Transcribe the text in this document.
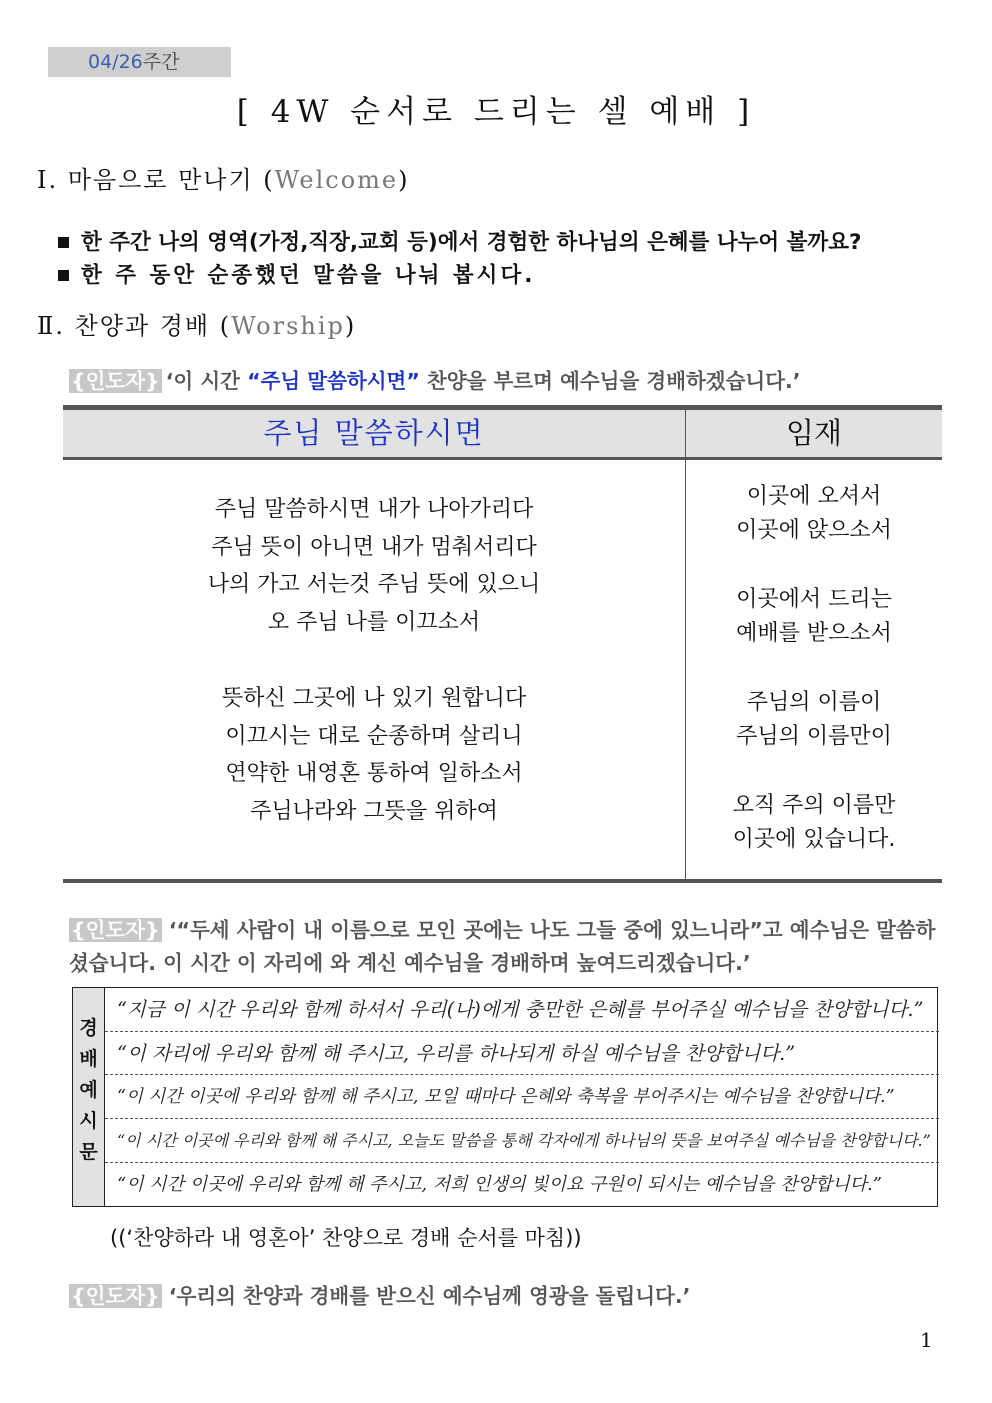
04/26주간
[ 4W 순서로 드리는 셀 예배 ]
Ⅰ. 마음으로 만나기 (Welcome)
한 주간 나의 영역(가정,직장,교회 등)에서 경험한 하나님의 은혜를 나누어 볼까요?
한 주 동안 순종했던 말씀을 나눠 봅시다.
Ⅱ. 찬양과 경배 (Worship)
{인도자} ‘이 시간 “주님 말씀하시면” 찬양을 부르며 예수님을 경배하겠습니다.’
주님 말씀하시면	임재
주님 말씀하시면 내가 나아가리다
주님 뜻이 아니면 내가 멈춰서리다
나의 가고 서는것 주님 뜻에 있으니
오 주님 나를 이끄소서
뜻하신 그곳에 나 있기 원합니다
이끄시는 대로 순종하며 살리니
연약한 내영혼 통하여 일하소서
주님나라와 그뜻을 위하여
이곳에 오셔서
이곳에 앉으소서
이곳에서 드리는
예배를 받으소서
주님의 이름이
주님의 이름만이
오직 주의 이름만
이곳에 있습니다.
{인도자} ‘“두세 사람이 내 이름으로 모인 곳에는 나도 그들 중에 있느니라”고 예수님은 말씀하셨습니다. 이 시간 이 자리에 와 계신 예수님을 경배하며 높여드리겠습니다.’
경
배
예
시
문
“지금 이 시간 우리와 함께 하셔서 우리(나)에게 충만한 은혜를 부어주실 예수님을 찬양합니다.”
“이 자리에 우리와 함께 해 주시고, 우리를 하나되게 하실 예수님을 찬양합니다.”
“이 시간 이곳에 우리와 함께 해 주시고, 모일 때마다 은혜와 축복을 부어주시는 예수님을 찬양합니다.”
“이 시간 이곳에 우리와 함께 해 주시고, 오늘도 말씀을 통해 각자에게 하나님의 뜻을 보여주실 예수님을 찬양합니다.”
“이 시간 이곳에 우리와 함께 해 주시고, 저희 인생의 빛이요 구원이 되시는 예수님을 찬양합니다.”
((‘찬양하라 내 영혼아’ 찬양으로 경배 순서를 마침))
{인도자} ‘우리의 찬양과 경배를 받으신 예수님께 영광을 돌립니다.’
1
